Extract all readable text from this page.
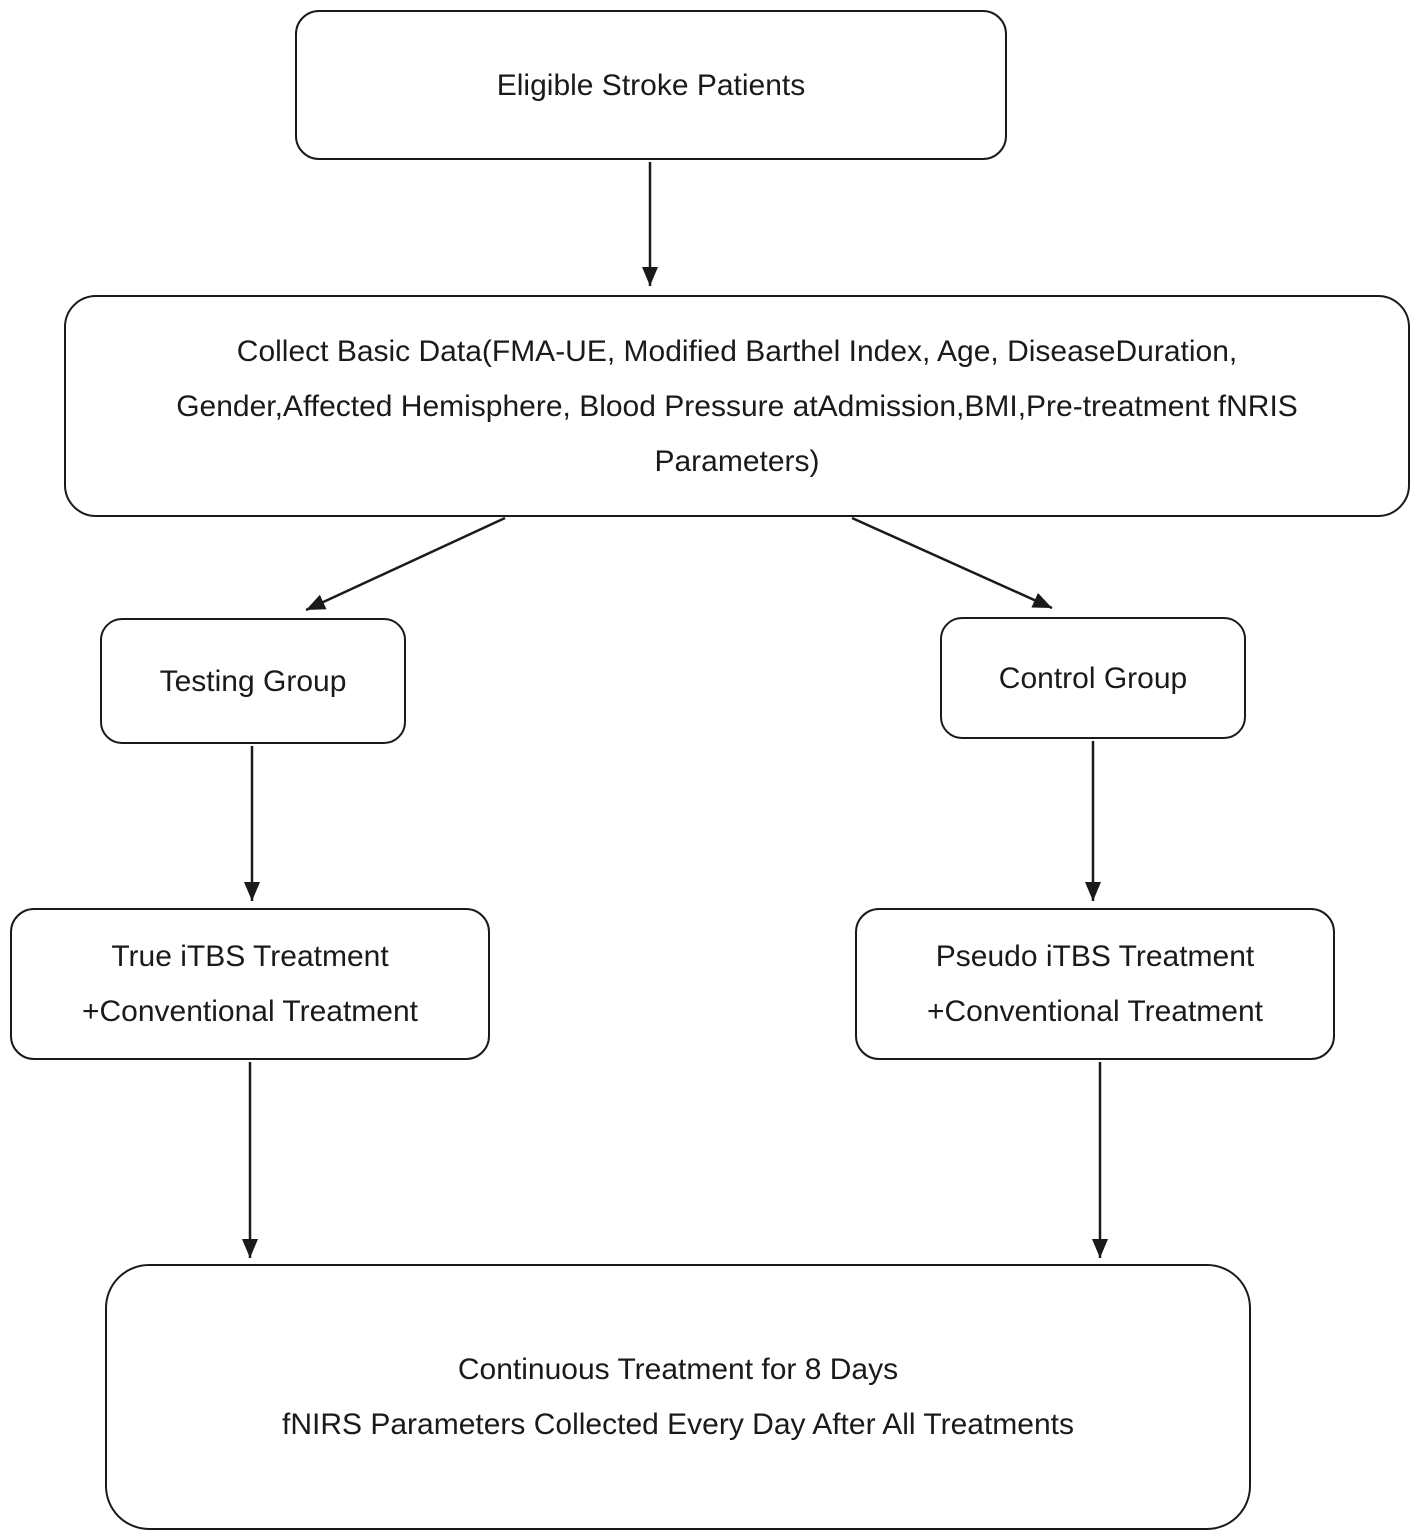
Eligible Stroke Patients
Collect Basic Data(FMA-UE, Modified Barthel Index, Age, DiseaseDuration,
Gender,Affected Hemisphere, Blood Pressure atAdmission,BMI,Pre-treatment fNRIS
Parameters)
Testing Group	Control Group
True iTBS Treatment
+Conventional Treatment
Pseudo iTBS Treatment
+Conventional Treatment
Continuous Treatment for 8 Days
fNIRS Parameters Collected Every Day After All Treatments
